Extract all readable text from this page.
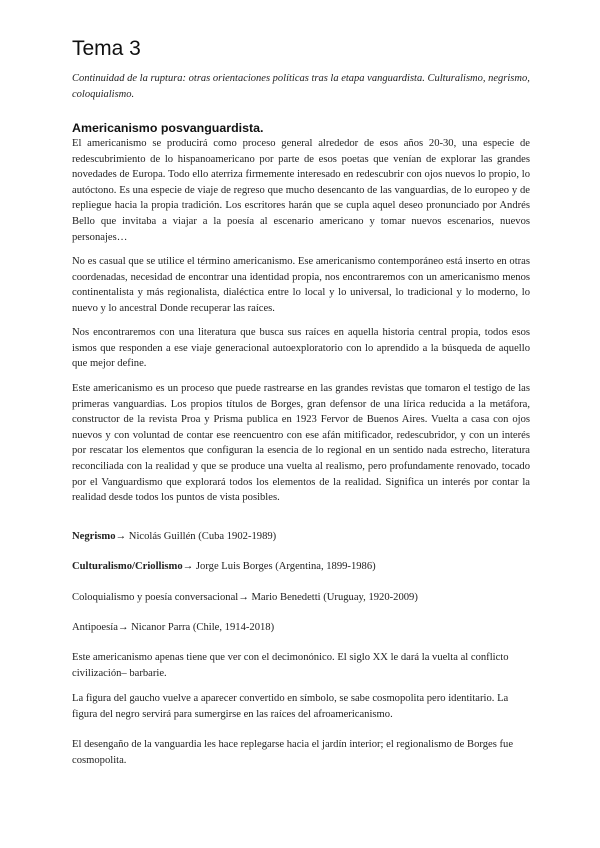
Tema 3

Continuidad de la ruptura: otras orientaciones políticas tras la etapa vanguardista. Culturalismo, negrismo, coloquialismo.

Americanismo posvanguardista.

El americanismo se producirá como proceso general alrededor de esos años 20-30, una especie de redescubrimiento de lo hispanoamericano por parte de esos poetas que venían de explorar las grandes novedades de Europa. Todo ello aterriza firmemente interesado en redescubrir con ojos nuevos lo propio, lo autóctono. Es una especie de viaje de regreso que mucho desencanto de las vanguardias, de lo europeo y de repliegue hacia la propia tradición. Los escritores harán que se cupla aquel deseo pronunciado por Andrés Bello que invitaba a viajar a la poesía al escenario americano y tomar nuevos escenarios, nuevos personajes…

No es casual que se utilice el término americanismo. Ese americanismo contemporáneo está inserto en otras coordenadas, necesidad de encontrar una identidad propia, nos encontraremos con un americanismo menos continentalista y más regionalista, dialéctica entre lo local y lo universal, lo tradicional y lo moderno, lo nuevo y lo ancestral Donde recuperar las raíces.

Nos encontraremos con una literatura que busca sus raíces en aquella historia central propia, todos esos ismos que responden a ese viaje generacional autoexploratorio con lo aprendido a la búsqueda de aquello que mejor define.

Este americanismo es un proceso que puede rastrearse en las grandes revistas que tomaron el testigo de las primeras vanguardias. Los propios títulos de Borges, gran defensor de una lírica reducida a la metáfora, constructor de la revista Proa y Prisma publica en 1923 Fervor de Buenos Aires. Vuelta a casa con ojos nuevos y con voluntad de contar ese reencuentro con ese afán mitificador, redescubridor, y con un interés por rescatar los elementos que configuran la esencia de lo regional en un sentido nada estrecho, literatura reconciliada con la realidad y que se produce una vuelta al realismo, pero profundamente renovado, tocado por el Vanguardismo que explorará todos los elementos de la realidad. Significa un interés por contar la realidad desde todos los puntos de vista posibles.

Negrismo→ Nicolás Guillén (Cuba 1902-1989)

Culturalismo/Criollismo→ Jorge Luis Borges (Argentina, 1899-1986)

Coloquialismo y poesía conversacional→ Mario Benedetti (Uruguay, 1920-2009)

Antipoesía→ Nicanor Parra (Chile, 1914-2018)

Este americanismo apenas tiene que ver con el decimonónico. El siglo XX le dará la vuelta al conflicto civilización– barbarie.

La figura del gaucho vuelve a aparecer convertido en símbolo, se sabe cosmopolita pero identitario. La figura del negro servirá para sumergirse en las raíces del afroamericanismo.

El desengaño de la vanguardia les hace replegarse hacia el jardín interior; el regionalismo de Borges fue cosmopolita.
